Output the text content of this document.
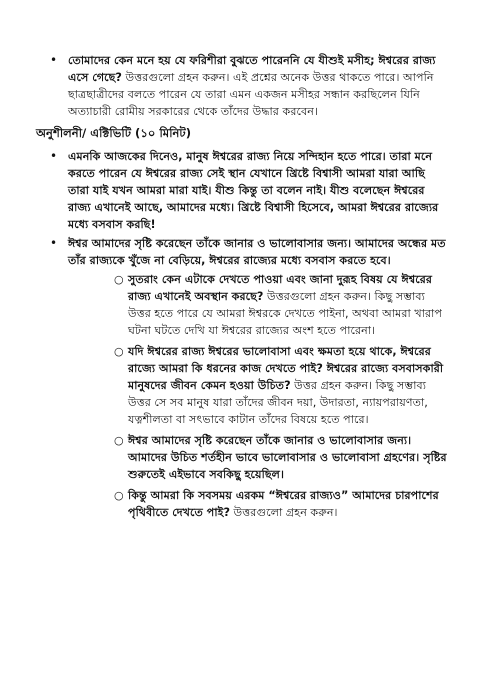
• তোমাদের কেন মনে হয় যে ফরিশীরা বুঝতে পারেননি যে যীশুই মসীহ; ঈশ্বরের রাজ্য এসে গেছে? উত্তরগুলো গ্রহন করুন। এই প্রশ্নের অনেক উত্তর থাকতে পারে। আপনি ছাত্রছাত্রীদের বলতে পারেন যে তারা এমন একজন মসীহর সন্ধান করছিলেন যিনি অত্যাচারী রোমীয় সরকারের থেকে তাঁদের উদ্ধার করবেন।
অনুশীলনী/ এক্টিভিটি (১০ মিনিট)
• এমনকি আজকের দিনেও, মানুষ ঈশ্বরের রাজ্য নিয়ে সন্দিহান হতে পারে। তারা মনে করতে পারেন যে ঈশ্বরের রাজ্য সেই স্থান যেখানে খ্রিষ্টে বিশ্বাসী আমরা যারা আছি তারা যাই যখন আমরা মারা যাই। যীশু কিন্তু তা বলেন নাই। যীশু বলেছেন ঈশ্বরের রাজ্য এখানেই আছে, আমাদের মধ্যে। খ্রিষ্টে বিশ্বাসী হিসেবে, আমরা ঈশ্বরের রাজ্যের মধ্যে বসবাস করছি!
• ঈশ্বর আমাদের সৃষ্টি করেছেন তাঁকে জানার ও ভালোবাসার জন্য। আমাদের অন্ধের মত তাঁর রাজ্যকে খুঁজে না বেড়িয়ে, ঈশ্বরের রাজ্যের মধ্যে বসবাস করতে হবে।
○ সুতরাং কেন এটাকে দেখতে পাওয়া এবং জানা দুরূহ বিষয় যে ঈশ্বরের রাজ্য এখানেই অবস্থান করছে? উত্তরগুলো গ্রহন করুন। কিছু সম্ভাব্য উত্তর হতে পারে যে আমরা ঈশ্বরকে দেখতে পাইনা, অথবা আমরা খারাপ ঘটনা ঘটতে দেখি যা ঈশ্বরের রাজ্যের অংশ হতে পারেনা।
○ যদি ঈশ্বরের রাজ্য ঈশ্বরের ভালোবাসা এবং ক্ষমতা হয়ে থাকে, ঈশ্বরের রাজ্যে আমরা কি ধরনের কাজ দেখতে পাই? ঈশ্বরের রাজ্যে বসবাসকারী মানুষদের জীবন কেমন হওয়া উচিত? উত্তর গ্রহন করুন। কিছু সম্ভাব্য উত্তর সে সব মানুষ যারা তাঁদের জীবন দয়া, উদারতা, ন্যায়পরায়ণতা, যত্নশীলতা বা সৎভাবে কাটান তাঁদের বিষয়ে হতে পারে।
○ ঈশ্বর আমাদের সৃষ্টি করেছেন তাঁকে জানার ও ভালোবাসার জন্য। আমাদের উচিত শর্তহীন ভাবে ভালোবাসার ও ভালোবাসা গ্রহণের। সৃষ্টির শুরুতেই এইভাবে সবকিছু হয়েছিল।
○ কিন্তু আমরা কি সবসময় এরকম “ঈশ্বরের রাজ্যও” আমাদের চারপাশের পৃথিবীতে দেখতে পাই? উত্তরগুলো গ্রহন করুন।
